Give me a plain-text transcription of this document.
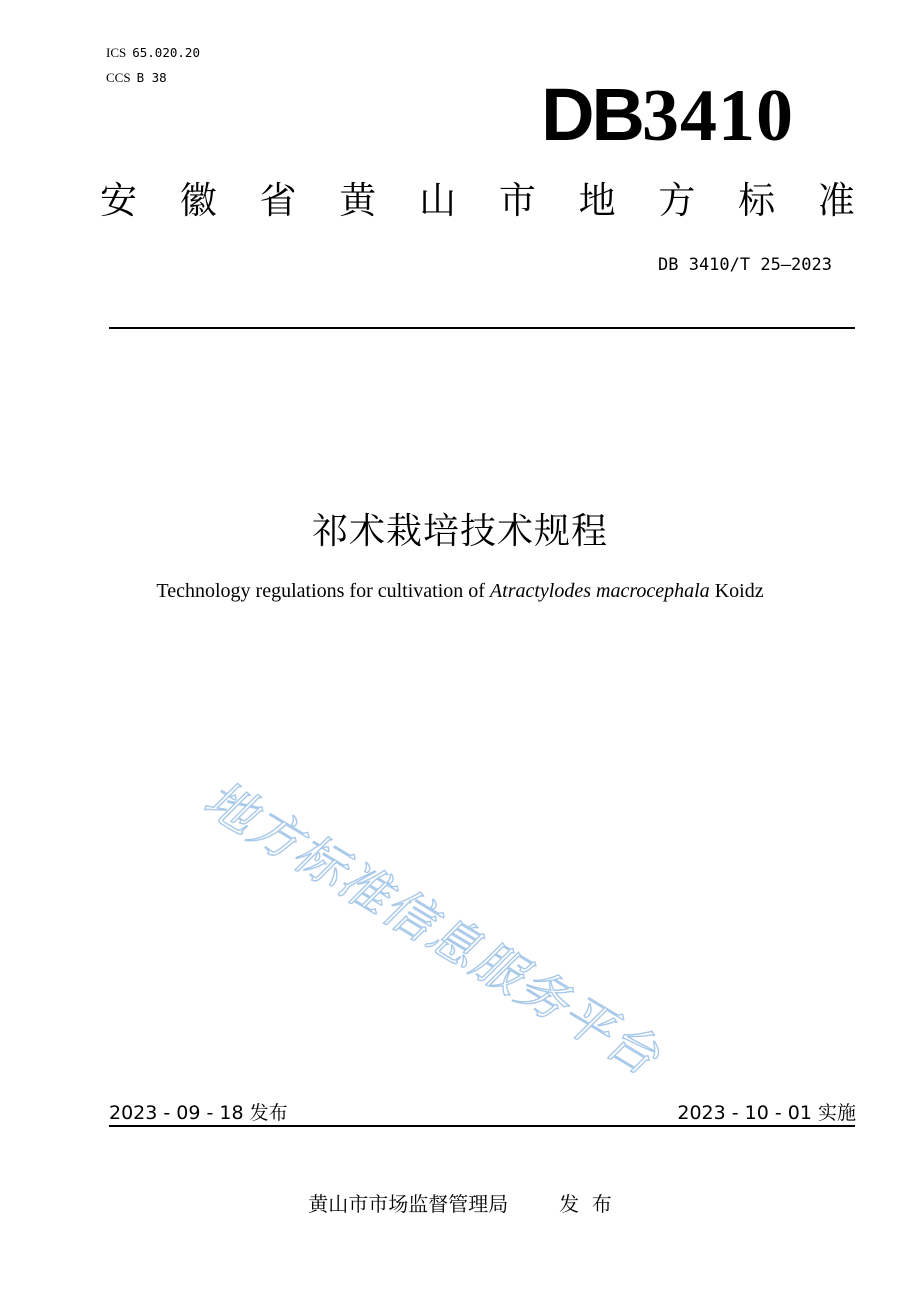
ICS 65.020.20
CCS B 38	DB3410
安 徽 省 黄 山 市 地 方 标 准
DB 3410/T 25—2023
祁术栽培技术规程
Technology regulations for cultivation of Atractylodes macrocephala Koidz
地方标准信息服务平台
2023 - 09 - 18 发布	2023 - 10 - 01 实施
黄山市市场监督管理局	发  布
